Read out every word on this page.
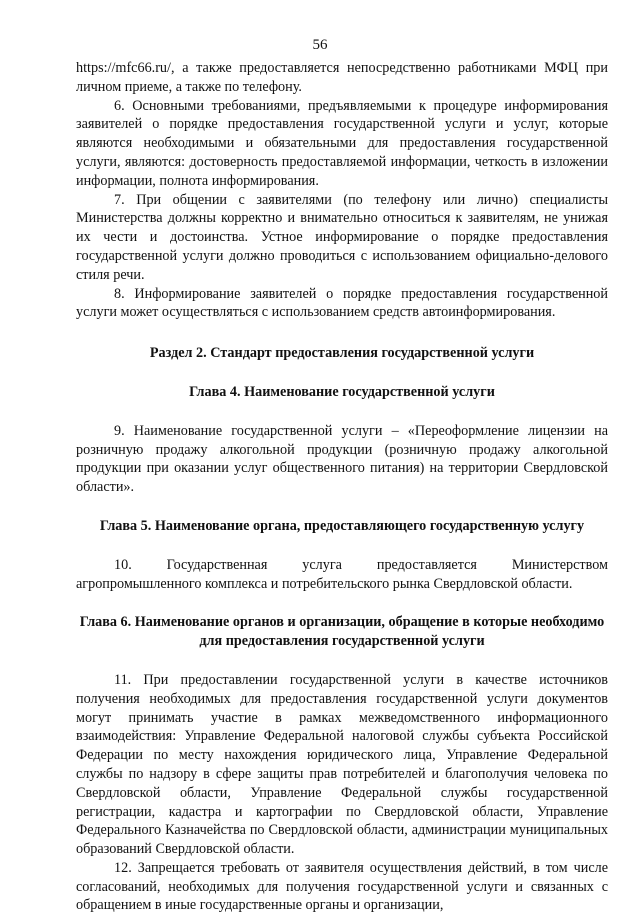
56

https://mfc66.ru/, а также предоставляется непосредственно работниками МФЦ при личном приеме, а также по телефону.

6. Основными требованиями, предъявляемыми к процедуре информирования заявителей о порядке предоставления государственной услуги и услуг, которые являются необходимыми и обязательными для предоставления государственной услуги, являются: достоверность предоставляемой информации, четкость в изложении информации, полнота информирования.

7. При общении с заявителями (по телефону или лично) специалисты Министерства должны корректно и внимательно относиться к заявителям, не унижая их чести и достоинства. Устное информирование о порядке предоставления государственной услуги должно проводиться с использованием официально-делового стиля речи.

8. Информирование заявителей о порядке предоставления государственной услуги может осуществляться с использованием средств автоинформирования.

Раздел 2. Стандарт предоставления государственной услуги

Глава 4. Наименование государственной услуги

9. Наименование государственной услуги – «Переоформление лицензии на розничную продажу алкогольной продукции (розничную продажу алкогольной продукции при оказании услуг общественного питания) на территории Свердловской области».

Глава 5. Наименование органа, предоставляющего государственную услугу

10. Государственная услуга предоставляется Министерством агропромышленного комплекса и потребительского рынка Свердловской области.

Глава 6. Наименование органов и организации, обращение в которые необходимо для предоставления государственной услуги

11. При предоставлении государственной услуги в качестве источников получения необходимых для предоставления государственной услуги документов могут принимать участие в рамках межведомственного информационного взаимодействия: Управление Федеральной налоговой службы субъекта Российской Федерации по месту нахождения юридического лица, Управление Федеральной службы по надзору в сфере защиты прав потребителей и благополучия человека по Свердловской области, Управление Федеральной службы государственной регистрации, кадастра и картографии по Свердловской области, Управление Федерального Казначейства по Свердловской области, администрации муниципальных образований Свердловской области.

12. Запрещается требовать от заявителя осуществления действий, в том числе согласований, необходимых для получения государственной услуги и связанных с обращением в иные государственные органы и организации,
